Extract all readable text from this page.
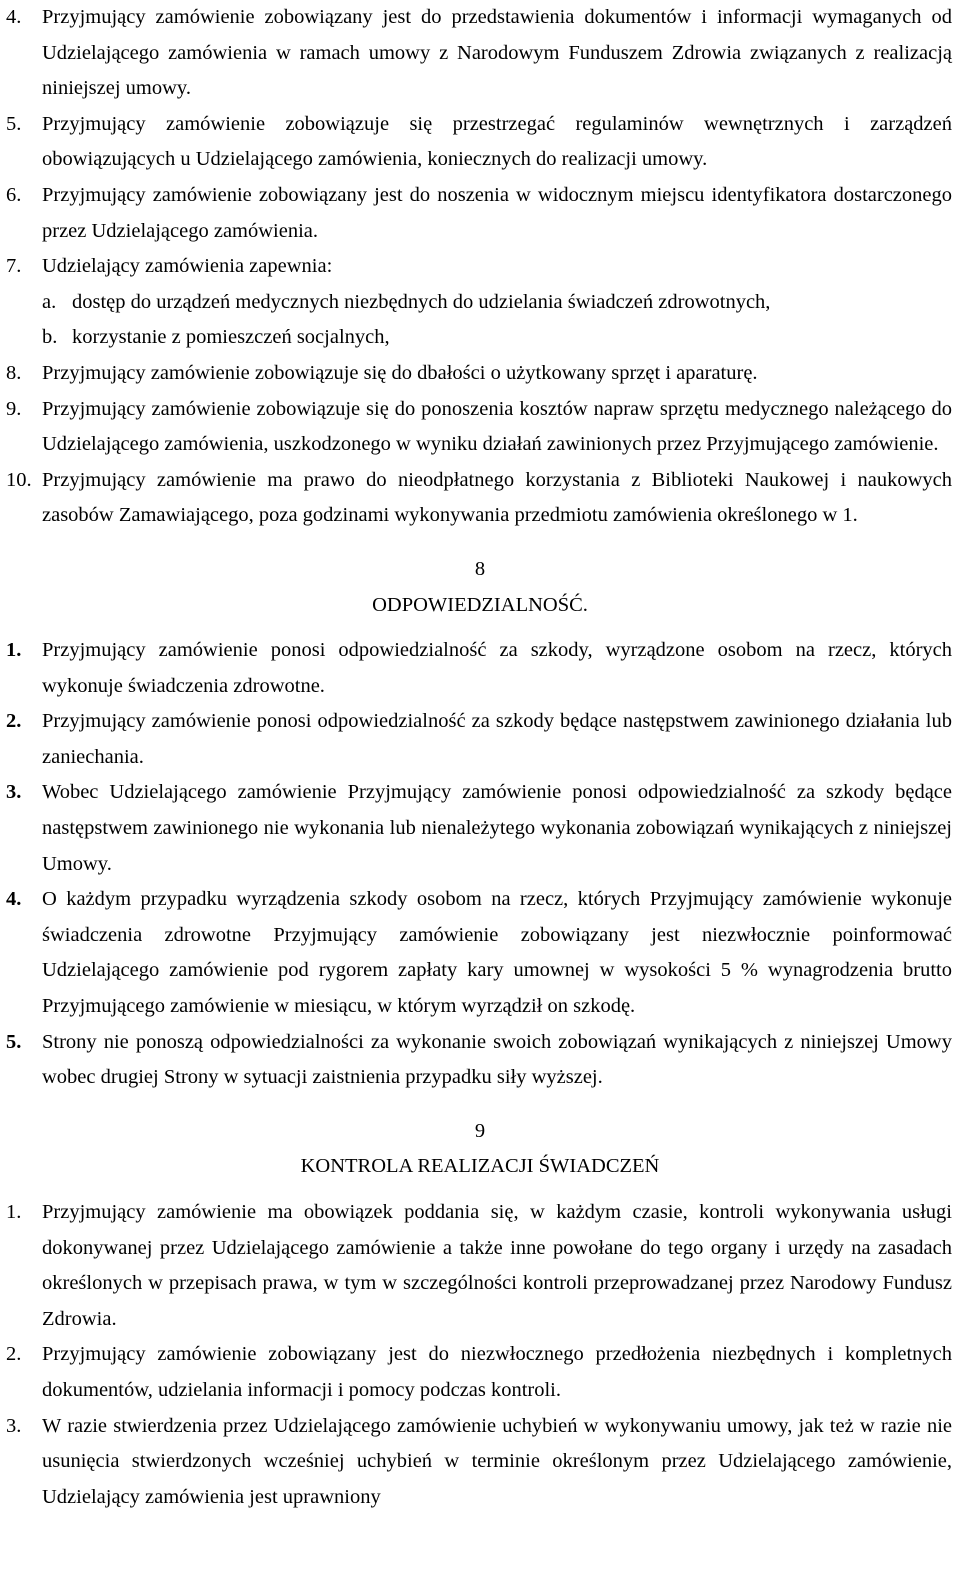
4.	Przyjmujący zamówienie zobowiązany jest do przedstawienia dokumentów i informacji wymaganych od Udzielającego zamówienia w ramach umowy z Narodowym Funduszem Zdrowia związanych z realizacją niniejszej umowy.
5.	Przyjmujący zamówienie zobowiązuje się przestrzegać regulaminów wewnętrznych i zarządzeń obowiązujących u Udzielającego zamówienia, koniecznych do realizacji umowy.
6.	Przyjmujący zamówienie zobowiązany jest do noszenia w widocznym miejscu identyfikatora dostarczonego przez Udzielającego zamówienia.
7.	Udzielający zamówienia zapewnia:
a. dostęp do urządzeń medycznych niezbędnych do udzielania świadczeń zdrowotnych,
b. korzystanie z pomieszczeń socjalnych,
8.	Przyjmujący zamówienie zobowiązuje się do dbałości o użytkowany sprzęt i aparaturę.
9.	Przyjmujący zamówienie zobowiązuje się do ponoszenia kosztów napraw sprzętu medycznego należącego do Udzielającego zamówienia, uszkodzonego w wyniku działań zawinionych przez Przyjmującego zamówienie.
10. Przyjmujący zamówienie ma prawo do nieodpłatnego korzystania z Biblioteki Naukowej i naukowych zasobów Zamawiającego, poza godzinami wykonywania przedmiotu zamówienia określonego w 1.
8
ODPOWIEDZIALNOŚĆ.
1.	Przyjmujący zamówienie ponosi odpowiedzialność za szkody, wyrządzone osobom na rzecz, których wykonuje świadczenia zdrowotne.
2.	Przyjmujący zamówienie ponosi odpowiedzialność za szkody będące następstwem zawinionego działania lub zaniechania.
3.	Wobec Udzielającego zamówienie Przyjmujący zamówienie ponosi odpowiedzialność za szkody będące następstwem zawinionego nie wykonania lub nienależytego wykonania zobowiązań wynikających z niniejszej Umowy.
4.	O każdym przypadku wyrządzenia szkody osobom na rzecz, których Przyjmujący zamówienie wykonuje świadczenia zdrowotne Przyjmujący zamówienie zobowiązany jest niezwłocznie poinformować Udzielającego zamówienie pod rygorem zapłaty kary umownej w wysokości 5 % wynagrodzenia brutto Przyjmującego zamówienie w miesiącu, w którym wyrządził on szkodę.
5.	Strony nie ponoszą odpowiedzialności za wykonanie swoich zobowiązań wynikających z niniejszej Umowy wobec drugiej Strony w sytuacji zaistnienia przypadku siły wyższej.
9
KONTROLA REALIZACJI ŚWIADCZEŃ
1.	Przyjmujący zamówienie ma obowiązek poddania się, w każdym czasie, kontroli wykonywania usługi dokonywanej przez Udzielającego zamówienie a także inne powołane do tego organy i urzędy na zasadach określonych w przepisach prawa, w tym w szczególności kontroli przeprowadzanej przez Narodowy Fundusz Zdrowia.
2.	Przyjmujący zamówienie zobowiązany jest do niezwłocznego przedłożenia niezbędnych i kompletnych dokumentów, udzielania informacji i pomocy podczas kontroli.
3.	W razie stwierdzenia przez Udzielającego zamówienie uchybień w wykonywaniu umowy, jak też w razie nie usunięcia stwierdzonych wcześniej uchybień w terminie określonym przez Udzielającego zamówienie, Udzielający zamówienia jest uprawniony
